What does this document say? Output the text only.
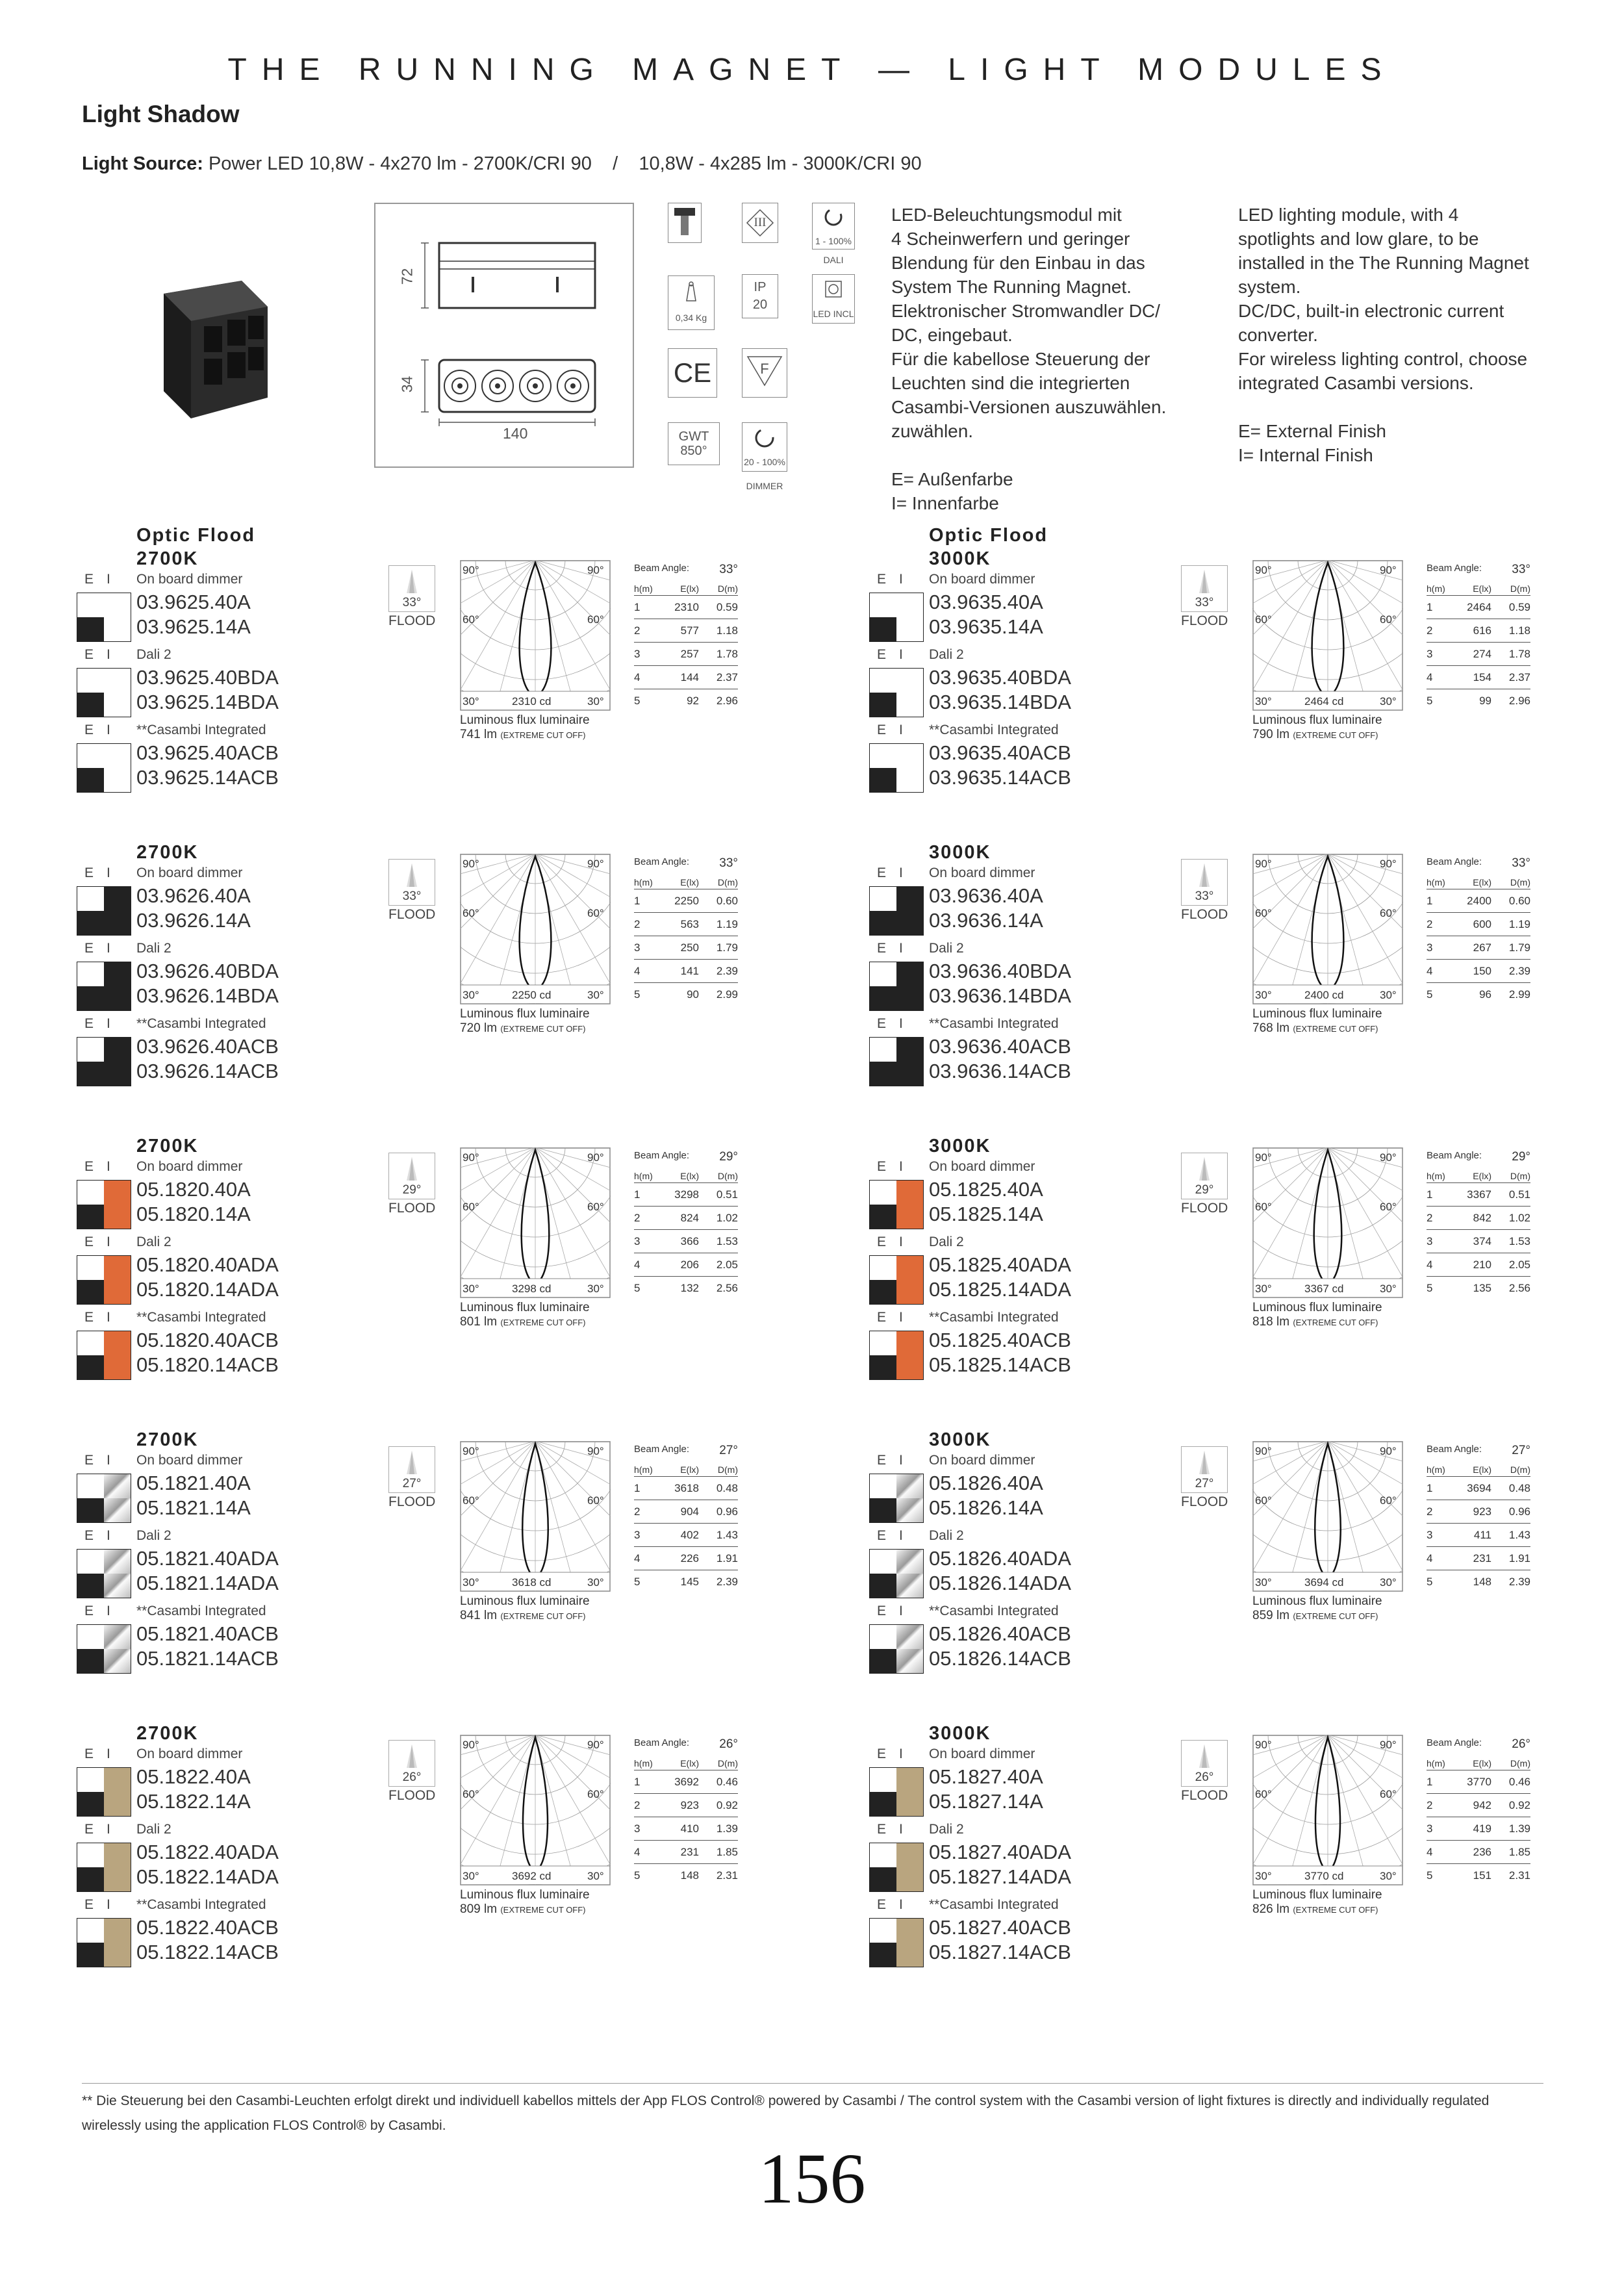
THE RUNNING MAGNET — LIGHT MODULES
Light Shadow
Light Source: Power LED 10,8W - 4x270 lm - 2700K/CRI 90    /    10,8W - 4x285 lm - 3000K/CRI 90
72
34
140
III
1 - 100%
DALI
0,34 Kg
IP
20
LED INCL
CE	F
GWT
850°
20 - 100%
DIMMER
LED-Beleuchtungsmodul mit
4 Scheinwerfern und geringer
Blendung für den Einbau in das
System The Running Magnet.
Elektronischer Stromwandler DC/
DC, eingebaut.
Für die kabellose Steuerung der
Leuchten sind die integrierten
Casambi-Versionen auszuwählen.
zuwählen.
E= Außenfarbe
I= Innenfarbe
LED lighting module, with 4
spotlights and low glare, to be
installed in the The Running Magnet
system.
DC/DC, built-in electronic current
converter.
For wireless lighting control, choose
integrated Casambi versions.
E= External Finish
I= Internal Finish
Optic Flood
2700K
E I On board dimmer
03.9625.40A
03.9625.14A
E I Dali 2
03.9625.40BDA
03.9625.14BDA
E I **Casambi Integrated
03.9625.40ACB
03.9625.14ACB
33°
FLOOD
90°	90°
60°	60°
30°	30°
2310 cd
Luminous flux luminaire
741 lm (EXTREME CUT OFF)
Beam Angle: 33°
h(m)	E(lx)	D(m)
1	2310	0.59
2	577	1.18
3	257	1.78
4	144	2.37
5	92	2.96
Optic Flood
3000K
E I On board dimmer
03.9635.40A
03.9635.14A
E I Dali 2
03.9635.40BDA
03.9635.14BDA
E I **Casambi Integrated
03.9635.40ACB
03.9635.14ACB
33°
FLOOD
90°	90°
60°	60°
30°	30°
2464 cd
Luminous flux luminaire
790 lm (EXTREME CUT OFF)
Beam Angle: 33°
h(m)	E(lx)	D(m)
1	2464	0.59
2	616	1.18
3	274	1.78
4	154	2.37
5	99	2.96
2700K
E I On board dimmer
03.9626.40A
03.9626.14A
E I Dali 2
03.9626.40BDA
03.9626.14BDA
E I **Casambi Integrated
03.9626.40ACB
03.9626.14ACB
33°
FLOOD
90°	90°
60°	60°
30°	30°
2250 cd
Luminous flux luminaire
720 lm (EXTREME CUT OFF)
Beam Angle: 33°
h(m)	E(lx)	D(m)
1	2250	0.60
2	563	1.19
3	250	1.79
4	141	2.39
5	90	2.99
3000K
E I On board dimmer
03.9636.40A
03.9636.14A
E I Dali 2
03.9636.40BDA
03.9636.14BDA
E I **Casambi Integrated
03.9636.40ACB
03.9636.14ACB
33°
FLOOD
90°	90°
60°	60°
30°	30°
2400 cd
Luminous flux luminaire
768 lm (EXTREME CUT OFF)
Beam Angle: 33°
h(m)	E(lx)	D(m)
1	2400	0.60
2	600	1.19
3	267	1.79
4	150	2.39
5	96	2.99
2700K
E I On board dimmer
05.1820.40A
05.1820.14A
E I Dali 2
05.1820.40ADA
05.1820.14ADA
E I **Casambi Integrated
05.1820.40ACB
05.1820.14ACB
29°
FLOOD
90°	90°
60°	60°
30°	30°
3298 cd
Luminous flux luminaire
801 lm (EXTREME CUT OFF)
Beam Angle: 29°
h(m)	E(lx)	D(m)
1	3298	0.51
2	824	1.02
3	366	1.53
4	206	2.05
5	132	2.56
3000K
E I On board dimmer
05.1825.40A
05.1825.14A
E I Dali 2
05.1825.40ADA
05.1825.14ADA
E I **Casambi Integrated
05.1825.40ACB
05.1825.14ACB
29°
FLOOD
90°	90°
60°	60°
30°	30°
3367 cd
Luminous flux luminaire
818 lm (EXTREME CUT OFF)
Beam Angle: 29°
h(m)	E(lx)	D(m)
1	3367	0.51
2	842	1.02
3	374	1.53
4	210	2.05
5	135	2.56
2700K
E I On board dimmer
05.1821.40A
05.1821.14A
E I Dali 2
05.1821.40ADA
05.1821.14ADA
E I **Casambi Integrated
05.1821.40ACB
05.1821.14ACB
27°
FLOOD
90°	90°
60°	60°
30°	30°
3618 cd
Luminous flux luminaire
841 lm (EXTREME CUT OFF)
Beam Angle: 27°
h(m)	E(lx)	D(m)
1	3618	0.48
2	904	0.96
3	402	1.43
4	226	1.91
5	145	2.39
3000K
E I On board dimmer
05.1826.40A
05.1826.14A
E I Dali 2
05.1826.40ADA
05.1826.14ADA
E I **Casambi Integrated
05.1826.40ACB
05.1826.14ACB
27°
FLOOD
90°	90°
60°	60°
30°	30°
3694 cd
Luminous flux luminaire
859 lm (EXTREME CUT OFF)
Beam Angle: 27°
h(m)	E(lx)	D(m)
1	3694	0.48
2	923	0.96
3	411	1.43
4	231	1.91
5	148	2.39
2700K
E I On board dimmer
05.1822.40A
05.1822.14A
E I Dali 2
05.1822.40ADA
05.1822.14ADA
E I **Casambi Integrated
05.1822.40ACB
05.1822.14ACB
26°
FLOOD
90°	90°
60°	60°
30°	30°
3692 cd
Luminous flux luminaire
809 lm (EXTREME CUT OFF)
Beam Angle: 26°
h(m)	E(lx)	D(m)
1	3692	0.46
2	923	0.92
3	410	1.39
4	231	1.85
5	148	2.31
3000K
E I On board dimmer
05.1827.40A
05.1827.14A
E I Dali 2
05.1827.40ADA
05.1827.14ADA
E I **Casambi Integrated
05.1827.40ACB
05.1827.14ACB
26°
FLOOD
90°	90°
60°	60°
30°	30°
3770 cd
Luminous flux luminaire
826 lm (EXTREME CUT OFF)
Beam Angle: 26°
h(m)	E(lx)	D(m)
1	3770	0.46
2	942	0.92
3	419	1.39
4	236	1.85
5	151	2.31
** Die Steuerung bei den Casambi-Leuchten erfolgt direkt und individuell kabellos mittels der App FLOS Control® powered by Casambi / The control system with the Casambi version of light fixtures is directly and individually regulated wirelessly using the application FLOS Control® by Casambi.
156
